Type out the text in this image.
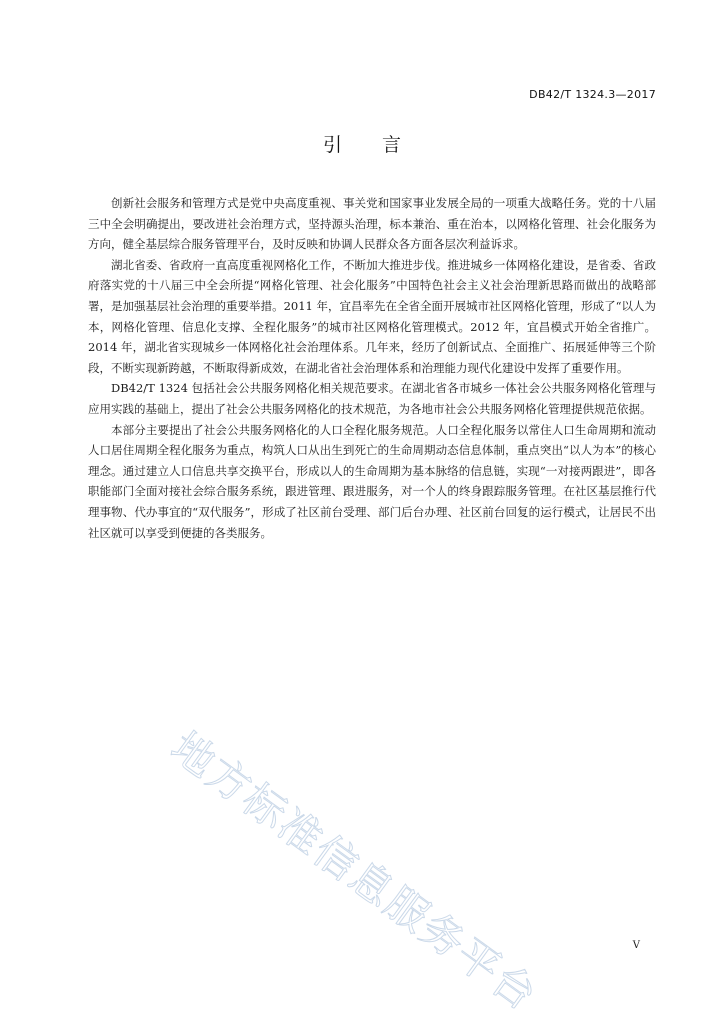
DB42/T 1324.3—2017
引言

创新社会服务和管理方式是党中央高度重视、事关党和国家事业发展全局的一项重大战略任务。党的十八届三中全会明确提出，要改进社会治理方式，坚持源头治理，标本兼治、重在治本，以网格化管理、社会化服务为方向，健全基层综合服务管理平台，及时反映和协调人民群众各方面各层次利益诉求。

湖北省委、省政府一直高度重视网格化工作，不断加大推进步伐。推进城乡一体网格化建设，是省委、省政府落实党的十八届三中全会所提“网格化管理、社会化服务”中国特色社会主义社会治理新思路而做出的战略部署，是加强基层社会治理的重要举措。2011 年，宜昌率先在全省全面开展城市社区网格化管理，形成了“以人为本，网格化管理、信息化支撑、全程化服务”的城市社区网格化管理模式。2012 年，宜昌模式开始全省推广。2014 年，湖北省实现城乡一体网格化社会治理体系。几年来，经历了创新试点、全面推广、拓展延伸等三个阶段，不断实现新跨越，不断取得新成效，在湖北省社会治理体系和治理能力现代化建设中发挥了重要作用。

DB42/T 1324 包括社会公共服务网格化相关规范要求。在湖北省各市城乡一体社会公共服务网格化管理与应用实践的基础上，提出了社会公共服务网格化的技术规范，为各地市社会公共服务网格化管理提供规范依据。

本部分主要提出了社会公共服务网格化的人口全程化服务规范。人口全程化服务以常住人口生命周期和流动人口居住周期全程化服务为重点，构筑人口从出生到死亡的生命周期动态信息体制，重点突出“以人为本”的核心理念。通过建立人口信息共享交换平台，形成以人的生命周期为基本脉络的信息链，实现“一对接两跟进”，即各职能部门全面对接社会综合服务系统，跟进管理、跟进服务，对一个人的终身跟踪服务管理。在社区基层推行代理事物、代办事宜的“双代服务”，形成了社区前台受理、部门后台办理、社区前台回复的运行模式，让居民不出社区就可以享受到便捷的各类服务。

地方标准信息服务平台	V
